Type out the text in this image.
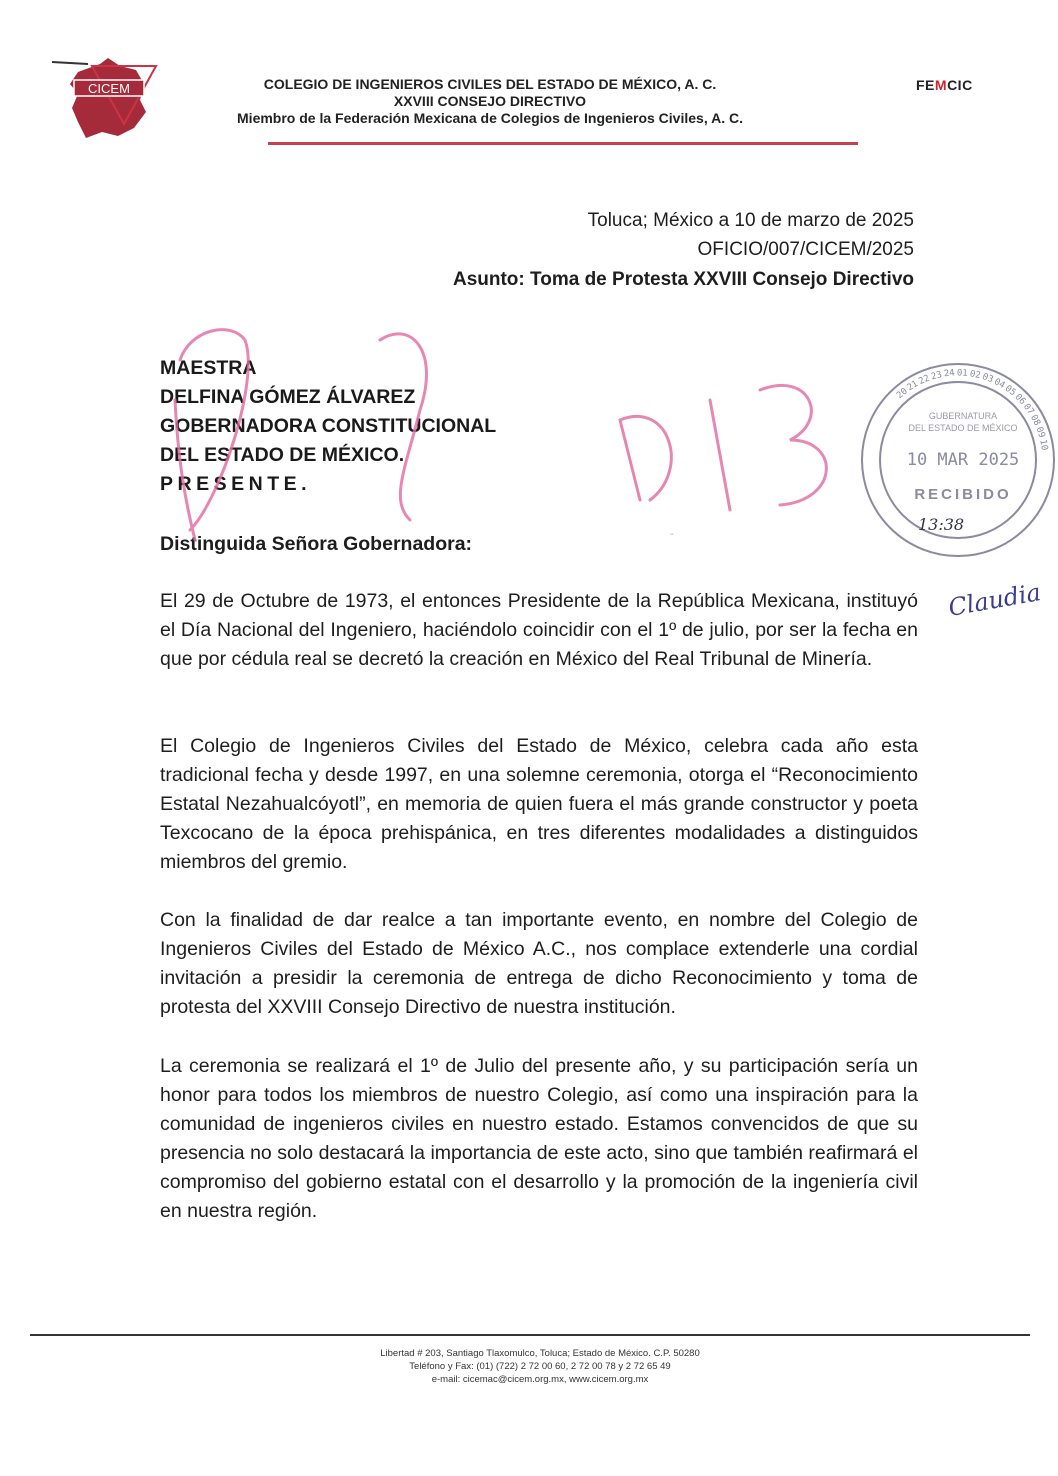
CICEM	COLEGIO DE INGENIEROS CIVILES DEL ESTADO DE MÉXICO, A. C.
XXVIII CONSEJO DIRECTIVO
Miembro de la Federación Mexicana de Colegios de Ingenieros Civiles, A. C.
FEMCIC
Toluca; México a 10 de marzo de 2025
OFICIO/007/CICEM/2025
Asunto: Toma de Protesta XXVIII Consejo Directivo
MAESTRA
DELFINA GÓMEZ ÁLVAREZ
GOBERNADORA CONSTITUCIONAL
DEL ESTADO DE MÉXICO.
PRESENTE.
Distinguida Señora Gobernadora:
El 29 de Octubre de 1973, el entonces Presidente de la República Mexicana, instituyó el Día Nacional del Ingeniero, haciéndolo coincidir con el 1º de julio, por ser la fecha en que por cédula real se decretó la creación en México del Real Tribunal de Minería.
El Colegio de Ingenieros Civiles del Estado de México, celebra cada año esta tradicional fecha y desde 1997, en una solemne ceremonia, otorga el “Reconocimiento Estatal Nezahualcóyotl”, en memoria de quien fuera el más grande constructor y poeta Texcocano de la época prehispánica, en tres diferentes modalidades a distinguidos miembros del gremio.
Con la finalidad de dar realce a tan importante evento, en nombre del Colegio de Ingenieros Civiles del Estado de México A.C., nos complace extenderle una cordial invitación a presidir la ceremonia de entrega de dicho Reconocimiento y toma de protesta del XXVIII Consejo Directivo de nuestra institución.
La ceremonia se realizará el 1º de Julio del presente año, y su participación sería un honor para todos los miembros de nuestro Colegio, así como una inspiración para la comunidad de ingenieros civiles en nuestro estado. Estamos convencidos de que su presencia no solo destacará la importancia de este acto, sino que también reafirmará el compromiso del gobierno estatal con el desarrollo y la promoción de la ingeniería civil en nuestra región.
DIB
20
21
22
23 24 01 02 03
04
05
06
07
08
09
10
GUBERNATURA
DEL ESTADO DE MÉXICO
10 MAR 2025
RECIBIDO
13:38
Claudia
Libertad # 203, Santiago Tlaxomulco, Toluca; Estado de México. C.P. 50280
Teléfono y Fax: (01) (722) 2 72 00 60, 2 72 00 78 y 2 72 65 49
e-mail: cicemac@cicem.org.mx, www.cicem.org.mx
